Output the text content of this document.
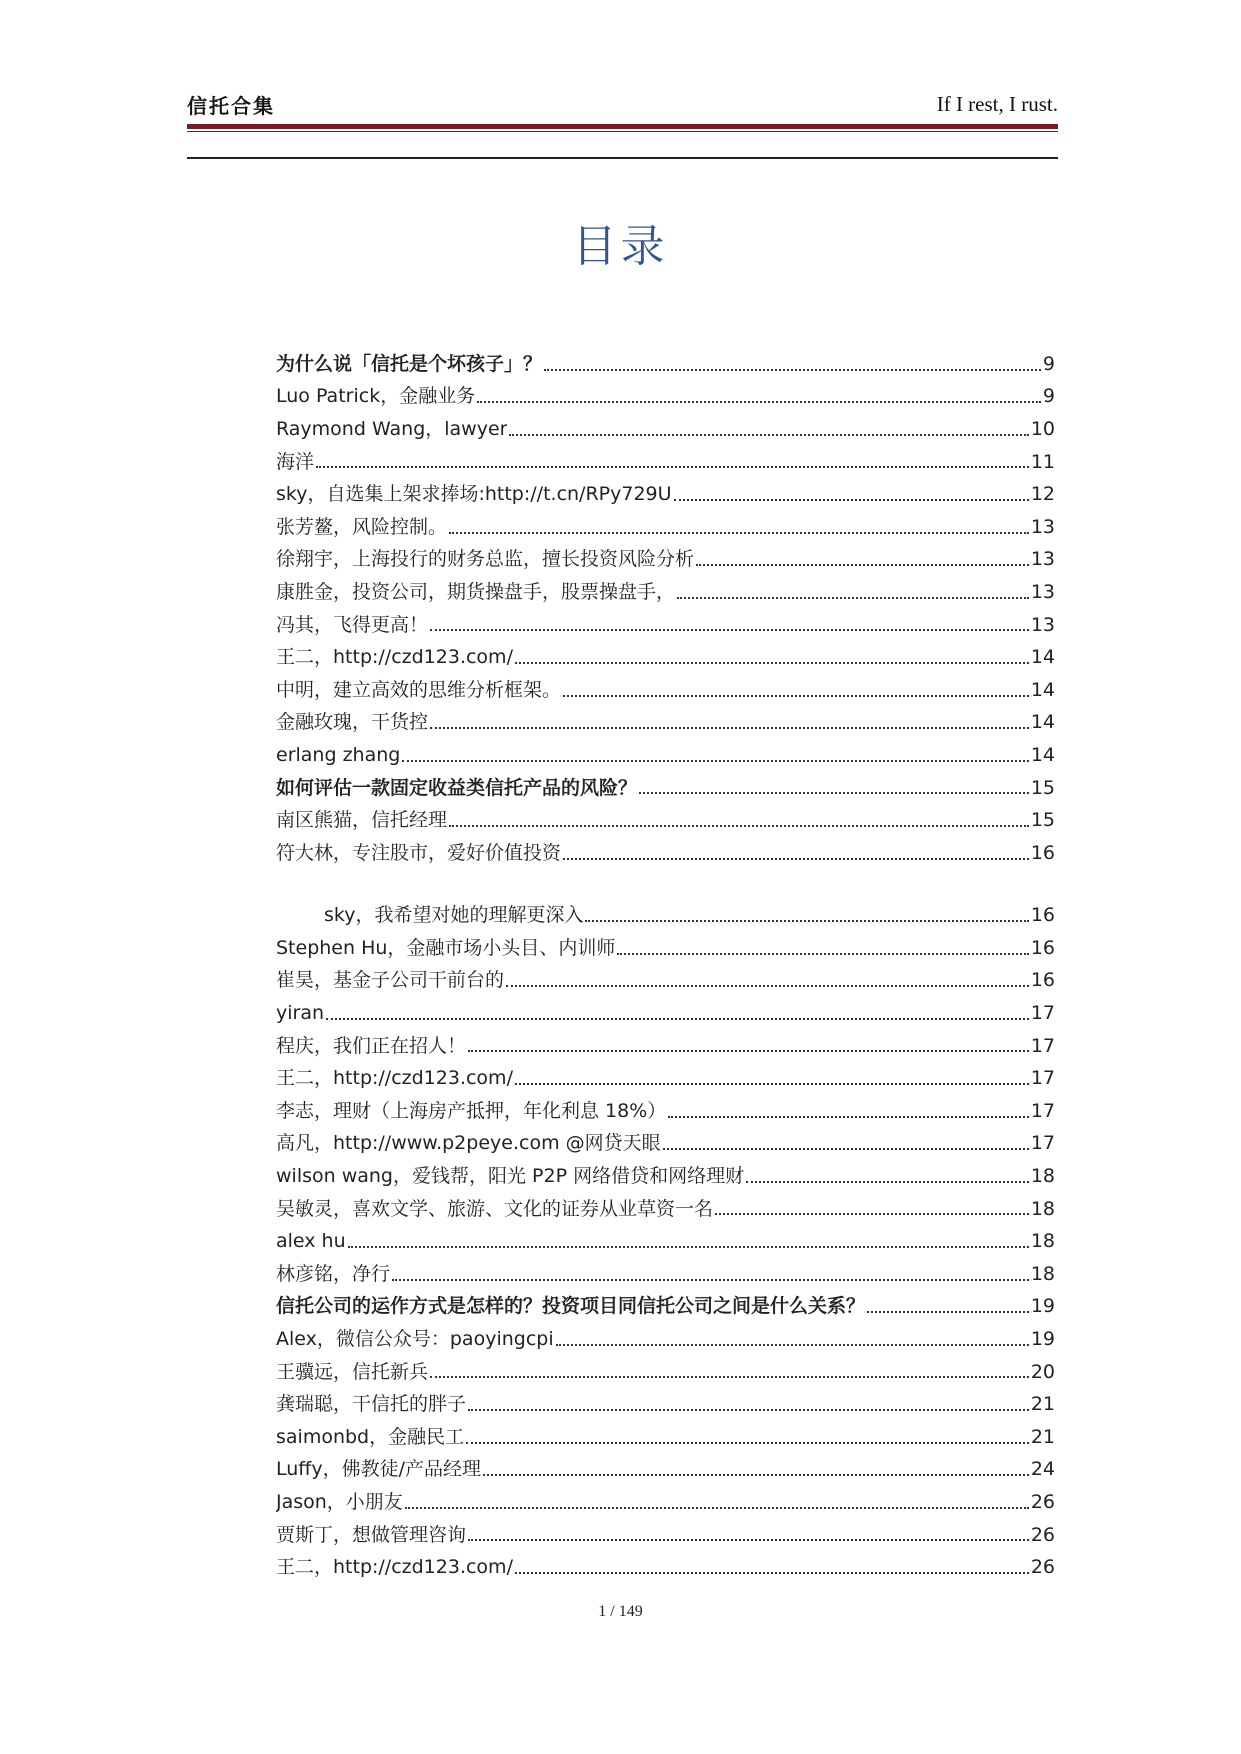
信托合集	If I rest, I rust.
目录
为什么说「信托是个坏孩子」？	9
Luo Patrick，金融业务	9
Raymond Wang，lawyer	10
海洋	11
sky，自选集上架求捧场:http://t.cn/RPy729U	12
张芳鳌，风险控制。	13
徐翔宇，上海投行的财务总监，擅长投资风险分析	13
康胜金，投资公司，期货操盘手，股票操盘手，	13
冯其，飞得更高！	13
王二，http://czd123.com/	14
中明，建立高效的思维分析框架。	14
金融玫瑰，干货控	14
erlang zhang	14
如何评估一款固定收益类信托产品的风险？	15
南区熊猫，信托经理	15
符大林，专注股市，爱好价值投资	16
sky，我希望对她的理解更深入	16
Stephen Hu，金融市场小头目、内训师	16
崔昊，基金子公司干前台的	16
yiran	17
程庆，我们正在招人！	17
王二，http://czd123.com/	17
李志，理财（上海房产抵押，年化利息 18%）	17
高凡，http://www.p2peye.com @网贷天眼	17
wilson wang，爱钱帮，阳光 P2P 网络借贷和网络理财	18
吴敏灵，喜欢文学、旅游、文化的证券从业草资一名	18
alex hu	18
林彦铭，净行	18
信托公司的运作方式是怎样的？投资项目同信托公司之间是什么关系？	19
Alex，微信公众号：paoyingcpi	19
王骥远，信托新兵	20
龚瑞聪，干信托的胖子	21
saimonbd，金融民工	21
Luffy，佛教徒/产品经理	24
Jason，小朋友	26
贾斯丁，想做管理咨询	26
王二，http://czd123.com/	26
1 / 149
